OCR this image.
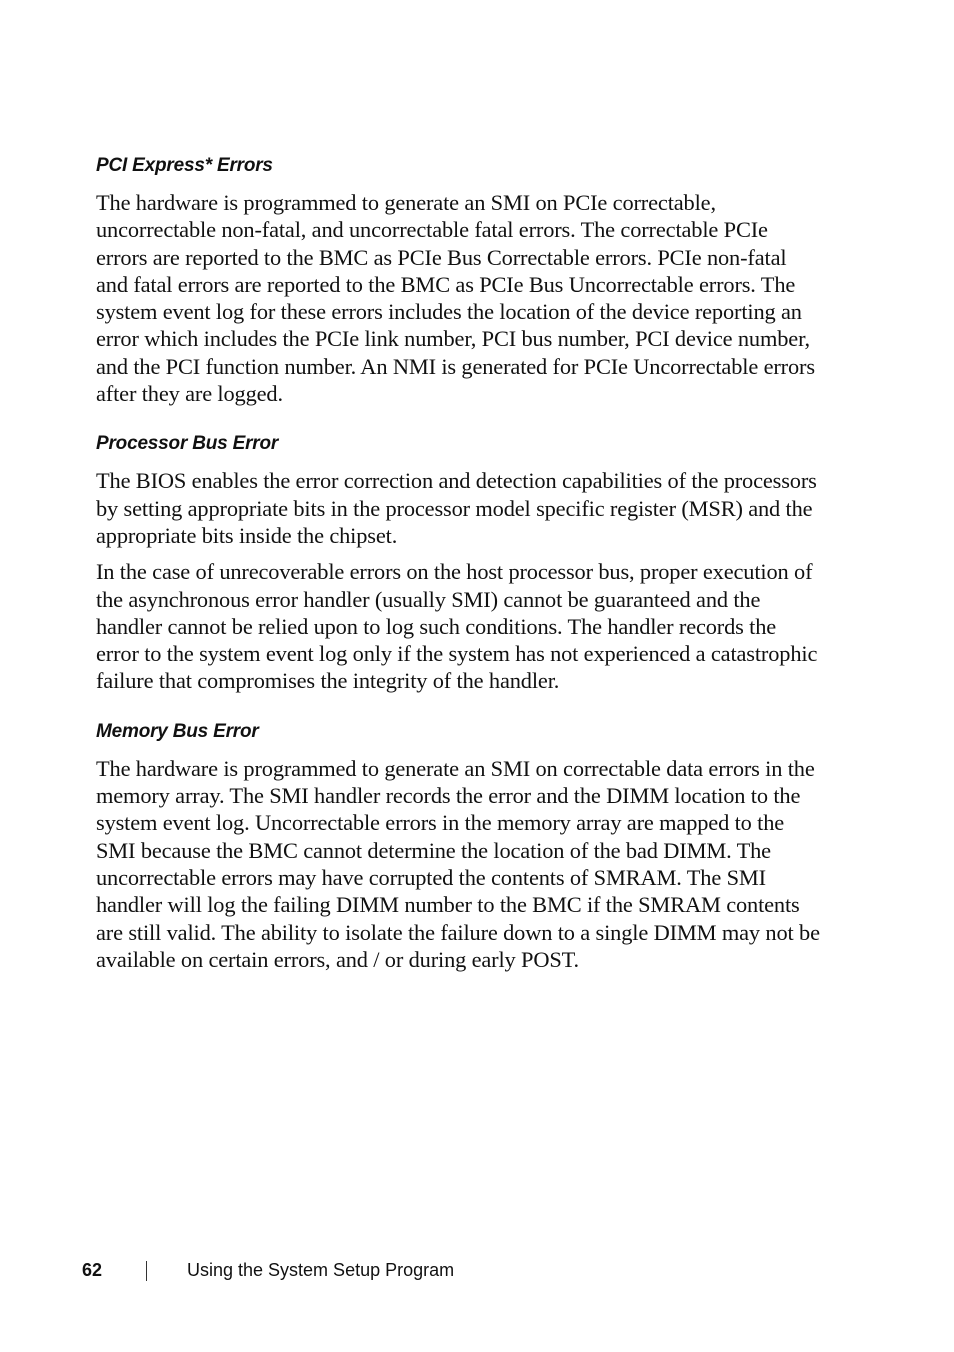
PCI Express* Errors

The hardware is programmed to generate an SMI on PCIe correctable, uncorrectable non-fatal, and uncorrectable fatal errors. The correctable PCIe errors are reported to the BMC as PCIe Bus Correctable errors. PCIe non-fatal and fatal errors are reported to the BMC as PCIe Bus Uncorrectable errors. The system event log for these errors includes the location of the device reporting an error which includes the PCIe link number, PCI bus number, PCI device number, and the PCI function number. An NMI is generated for PCIe Uncorrectable errors after they are logged.

Processor Bus Error

The BIOS enables the error correction and detection capabilities of the processors by setting appropriate bits in the processor model specific register (MSR) and the appropriate bits inside the chipset.

In the case of unrecoverable errors on the host processor bus, proper execution of the asynchronous error handler (usually SMI) cannot be guaranteed and the handler cannot be relied upon to log such conditions. The handler records the error to the system event log only if the system has not experienced a catastrophic failure that compromises the integrity of the handler.

Memory Bus Error

The hardware is programmed to generate an SMI on correctable data errors in the memory array. The SMI handler records the error and the DIMM location to the system event log. Uncorrectable errors in the memory array are mapped to the SMI because the BMC cannot determine the location of the bad DIMM. The uncorrectable errors may have corrupted the contents of SMRAM. The SMI handler will log the failing DIMM number to the BMC if the SMRAM contents are still valid. The ability to isolate the failure down to a single DIMM may not be available on certain errors, and / or during early POST.

62	Using the System Setup Program
